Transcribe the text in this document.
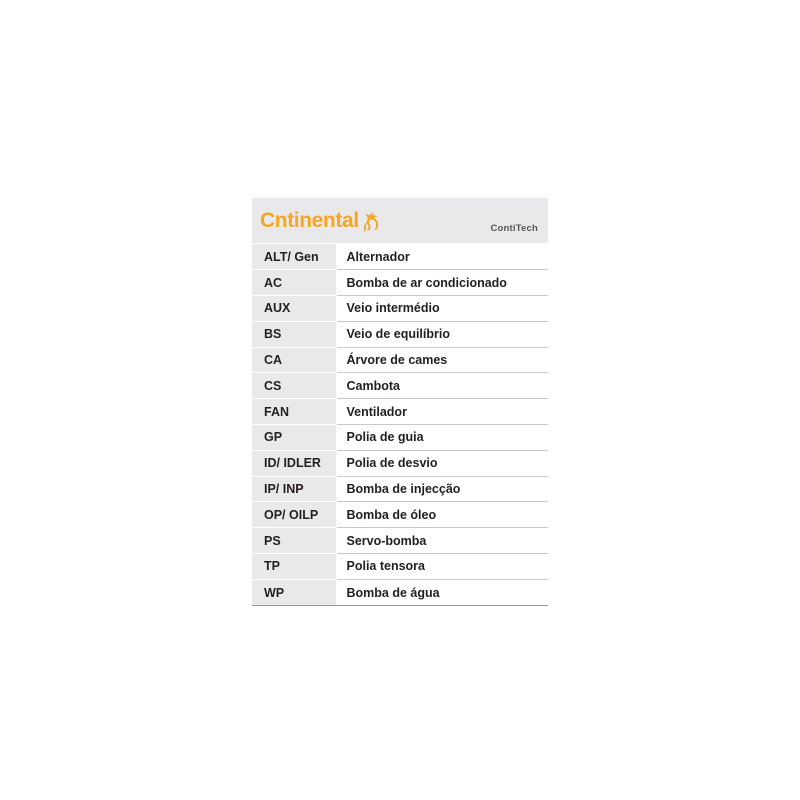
Cntinental	ContiTech
ALT/ Gen	Alternador
AC	Bomba de ar condicionado
AUX	Veio intermédio
BS	Veio de equilíbrio
CA	Árvore de cames
CS	Cambota
FAN	Ventilador
GP	Polia de guia
ID/ IDLER	Polia de desvio
IP/ INP	Bomba de injecção
OP/ OILP	Bomba de óleo
PS	Servo-bomba
TP	Polia tensora
WP	Bomba de água
